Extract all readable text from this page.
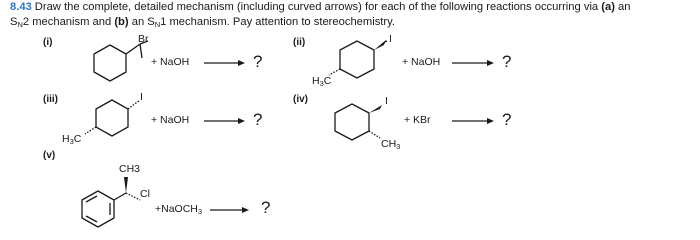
8.43 Draw the complete, detailed mechanism (including curved arrows) for each of the following reactions occurring via (a) an
$S_N2$ mechanism and (b) an $S_N1$ mechanism. Pay attention to stereochemistry.
(i)	Br
+ NaOH	?
(ii)	I
$H_3C$
+ NaOH	?
(iii)	I
$H_3C$
+ NaOH	?
(iv)	I
$CH_3$
+ KBr	?
(v)
CH3
Cl
+NaOCH$_3$	?
